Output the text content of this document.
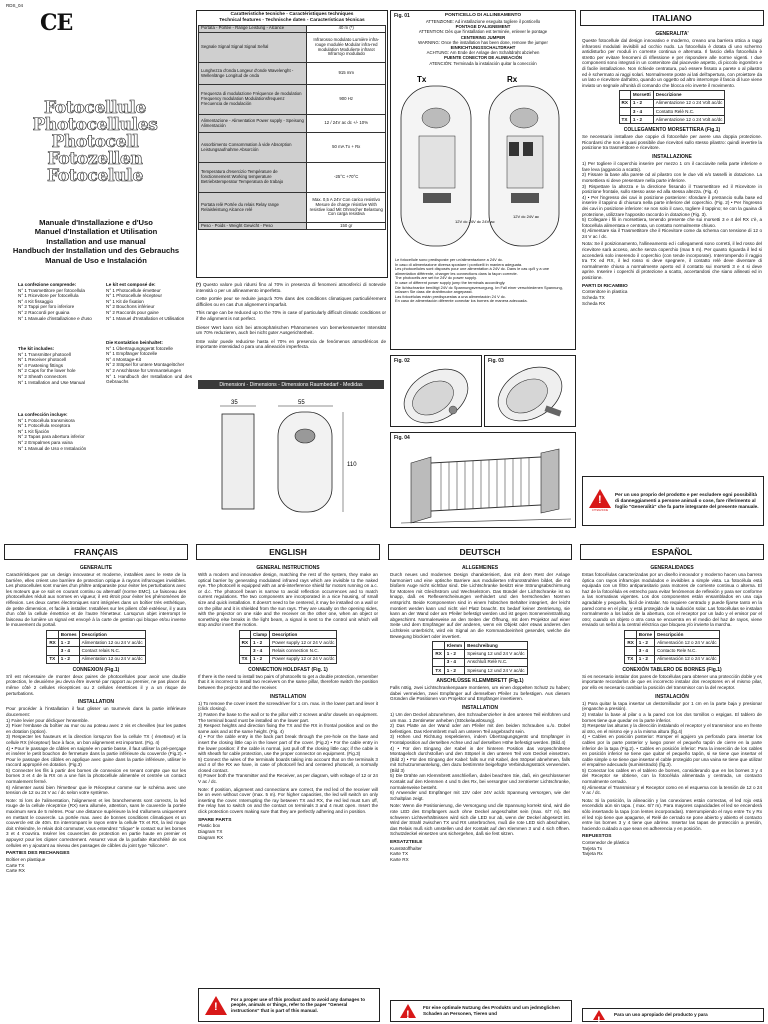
RDS_04
CE
Fotocellule
Photocellules
Photocell
Fotozellen
Fotocelule
Manuale d'Installazione e d'Uso
Manuel d'Installation et Utilisation
Installation and use manual
Handbuch der Installation und des Gebrauchs
Manual de Uso e Instalación
La confezione comprende:
N° 1 Trasmettitore per fotocellula
N° 1 Ricevitore per fotocellula
N° 4 Kit fissaggio
N° 2 Tappi per foro inferiore
N° 2 Raccordi per guaina
N° 1 Manuale d'installazione e d'uso
Le kit est composé de:
N° 1 Photocellule émetteur
N° 1 Photocellule récepteur
N° 1 Kit de fixation
N° 2 Bouchons inférieur
N° 2 Raccords pour gaine
N° 1 Manuel d'Installation et Utilisation
The kit includes:
N° 1 Transmitter photocell
N° 1 Receiver photocell
N° 4 Fastening fittings
N° 2 Caps for the lower hole
N° 2 Sheath connectors
N° 1 Installation and Use Manual
Die Kontaktion beinhaltet:
N° 1 Übertragungsgerät fotozelle
N° 1 Empfänger fotozelle
N° 4 Montage-Kit
N° 2 Stöpsel für untere Montagelöcher
N° 2 Anschlüsse für Ummantelungen
N° 1 Handbuch der Installation und des Gebrauchs
La confección incluye:
N° 1 Fotocélula transmisora
N° 1 Fotocélula receptora
N° 1 Kit fijación
N° 2 Tapas para abertura inferior
N° 2 Empalmes para vaina
N° 1 Manual de Uso e Instalación
Caratteristiche tecniche - Caractéristiques techniques
Technical features - Technische daten - Características técnicas
Portata - Portée - Range Leistung - Alcance	40 m (*)
Segnale Signal Signal Signal Señal	Infrarosso modulato Lumière infra-rouge modulée Modular infra-red modulation Modulierte infrarot Infrarrojo modulado
Lunghezza d'onda Longeur d'onde Wavelenght - Wellenlänge Longitud de onda	915 mm
Frequenza di modulazione Fréquence de modulation Frequency modulation Modulationsfrequenz Frecuencia de modulación	900 Hz
Alimentazione - Alimentation Power supply - Speisung Alimentación	12 / 24V ac dc +/- 10%
Assorbimento Consommation à vide Absorption Leistungsaufnahme Absorción	50 mA Tx + Rx
Temperatura d'esercizio Température de fonctionnement Working temperature Betriebstemperatur Temperatura de trabajo	-25°C +70°C
Portata relè Portée du relais Relay range Relaisleistung Alcance relé	Max. 0,5 A 24V Con carico resistivo Mesure de charge résistive With resistive load Mit Ohmscher Belastung Con carga resistiva
Peso - Poids - Weight Gewicht - Peso	150 gr
(*) Questo valore può ridursi fino al 70% in presenza di fenomeni atmosferici di notevole intensità o per un allineamento imperfetto.
Cette portée peur se reduire jusqu'à 70% dans des conditions climatiques particulièrement difficiles ou en cas d'un alignement imparfait.
This range can be reduced up to the 70% in case of particularly difficult climatic conditions or if the alignment is not perfect.
Dieser Wert kann sich bei atmosphärischen Phänomenen von bemerkenswerter Intensität um 70% reduzieren, auch bei nicht guter Ausgerichtetheit.
Este valor puede reducirse hasta el 70% en presencia de fenómenos atmosféricos de importante intensidad o para una alineación imperfecta.
Dimensioni - Dimensions - Dimensions Raumbedarf - Medidas
35	55
110
Fig. 01	PONTICELLO DI ALLINEAMENTO
ATTENZIONE: Ad installazione eseguita togliere il ponticello
PONTAGE D'ALIGNEMENT
ATTENTION: Dès que l'installation est terminée, enlever le pontage
CENTERING JUMPER
WARNING: Once the installation has been done, remove the jumper
EINRICHTUNGSSCHALTDRAHT
ACHTUNG: Am Ende der Anlage den Schaltdraht abziehen
PUENTE CONECTOR DE ALINEACIÓN
ATENCIÓN: Terminada la instalación quitar la conección
Tx	Rx
12V dc 24V dc 24V ac
12V dc 24V ac
Le fotocellule sono predisposte per un'alimentazione a 24V dc.
In caso di alimentazione diversa spostare i ponticelli in maniera adeguata.
Les photocellules sont disposés pour une alimentation à 24V dc. Dans le cas qu'il y a une alimentation différente, changer les connections dans la façon correcte.
The photocells are set for 24V dc power supply.
In case of different power supply jump the terminals accordingly.
Die lichtschranke benötigt 24V dc Spannungsversorgung. Im Fall einer verschiedenen Spannung, müssen Sie dass die drahtbrucke angepasst.
Las fotocélulas están predispuestas a una alimentación 24 V dc.
En caso de alimentación diferente conectar los bornes de manera adecuada.
Fig. 02	Fig. 03
Fig. 04
ITALIANO
GENERALITA'
Queste fotocellule dal design innovativo e moderno, creano una barriera ottica a raggi infrarossi modulati invisibili ad occhio nudo. La fotocellula è dotata di uno schermo antidisturbo per moduli in corrente continua e alternata. Il fascio della fotocellula è stretto per evitare fenomeni di riflessione e per rispondere alle norme vigenti. I due componenti sono integrati in un contenitore dal piacevole aspetto, di piccolo ingombro e di facile installazione. Non richiede centratura, può essere fissato a parete o al pilastro ed è schermato ai raggi solari. Normalmente poste ai lati dell'apertura, con proiettore da un lato e ricevitore dall'altro, quando un oggetto od altro interrompe il fascio di luce viene inviato un segnale all'unità di comando che blocca e/o inverte il movimento.
	Morsetti	Descrizione
RX	1 - 2	Alimentazione 12 o 24 Volt ac/dc
	3 - 4	Contatto Relè N.C.
TX	1 - 2	Alimentazione 12 o 24 Volt ac/dc
COLLEGAMENTO MORSETTIERA (Fig.1)
Se necessario installare due coppie di fotocellule per avere una doppia protezione. Ricordarsi che non è quasi possibile due ricevitori sullo stesso pilastro: quindi invertire la posizione tra trasmettitore e ricevitore.
INSTALLAZIONE
1) Per togliere il coperchio inserire per mezzo 1 cm il cacciavite nella parte inferiore e fare leva (aggancio a scatto).
2) Fissare la base alla parete od al pilastro con le due viti e/o tasselli in dotazione. La morsettiera si deve presentare nella parte inferiore.
3) Rispettare la altezza e la direzione fissando il Trasmettitore ed il Ricevitore in posizione frontale, sullo stesso asse ed alla stessa altezza. (Fig. 4)
4) • Per l'ingresso dei cavi in posizione posteriore: sfondare il pretrancio sulla base ed inserire il tappino di chiusura nella parte inferiore del coperchio. (Fig. 2) • Per l'ingresso dei cavi in posizione inferiore: se non solo il cavo, togliere il tappino; se con la guaina di protezione, utilizzare l'apposito raccordo in dotazione (Fig. 3).
5) Collegare i fili in morsettiera, tenendo presente che sui morsetti 3 e 4 del RX c'è, a fotocellula alimentata e centrata, un contatto normalmente chiuso.
6) Alimentare sia il Trasmettitore che il Ricevitore come da schema con tensione di 12 o 24 V ac / dc.
Nota: Se il posizionamento, l'allineamento ed i collegamenti sono corretti, il led rosso del ricevitore sarà acceso, anche senza coperchio (max 5 m). Per quanto riguarda il led si accenderà solo inserendo il coperchio (con tende incorporate). Interrompendo il raggio tra TX ed RX, il led rosso si deve spegnere, il contatto relè deve diventare di normalmente chiuso a normalmente aperto ed il contatto sui morsetti 3 e 4 si deve aprire. Inserire i coperchi di protezione a scatto, accertandosi che siano allineati ed in posizione.
PARTI DI RICAMBIO
Contenitore in plastica
Scheda TX
Scheda RX
!
ATTENZIONE
Per un uso proprio del prodotto e per escludere ogni possibilità di danneggiamenti a persone animali o cose, fare riferimento al foglio "Generalità" che fa parte integrante del presente manuale.
FRANÇAIS
GENERALITE
Caractéristiques par un design innovateur et moderne, installées avec le reste de la barrière, elles créent une barrière de protection optique à rayons infrarouges invisibles. Les photocellules sont munies d'un philtre antiparasite pour éviter les perturbations avec les moteurs que ce soit en courant continu ou alternatif (norme EMC). Le faisceau des photocellules réduit aux normes en vigueur, il est étroit pour éviter les phénomènes de réflexion. Les deux cartes électroniques sont intégrées dans un boîtier très esthétique, de petite dimension, et facile à installer. Installées sur les piliers côté extérieur, il y aura d'un côté la cellule émettrice et de l'autre l'émetteur. Lorsqu'un objet interrompt le faisceau de lumière un signal est envoyé à la carte de gestion qui bloque et/ou inverse le mouvement du portail.
	Bornes	Description
RX	1 - 2	Alimentation 12 ou 24 V ac/dc
	3 - 4	Contact relais N.C.
TX	1 - 2	Alimentation 12 ou 24 V ac/dc
CONNEXION (Fig.1)
S'il est nécessaire de monter deux paires de photocellules pour avoir une double protection, le deuxième jeu devra être inversé par rapport au premier, ne pas placer du même côté 2 cellules réceptrices ou 2 cellules émettrices il y a un risque de perturbations.
INSTALLATION
Pour procéder à l'installation il faut glisser un tournevis dans la partie inférieure doucement:
1) Faire levier pour décliquer l'ensemble.
2) Fixer l'embase du boîtier au mur ou au poteau avec 2 vis et chevilles (sur les pattes en dotation (option).
3) Respecter les hauteurs et la direction lorsqu'on fixe la cellule TX ( émetteur) et la cellule RX (récepteur) face à face, un bon alignement est important. (Fig. 4)
4) • Pour le passage de câbles en saignée en partie basse, il faut utiliser la pré-perçage et insérer le petit bouchon de fermeture dans la partie inférieure du couvercle (Fig.2). • Pour le passage des câbles en applique avec gaine dans la partie inférieure, utiliser le raccord approprié en dotation. (Fig.3)
5) Connecter les fils à partir des bornes de connexion en tenant compte que sur les bornes 3 et 4 de la RX on a une fois la photocellule alimentée et centrée un contact normalement fermé.
6) Alimenter aussi bien l'émetteur que le Récepteur comme sur le schéma avec une tension de 12 ou 24 V ac / dc selon votre système.
Note: Si lors de l'alimentation, l'alignement et les branchements sont corrects, la led rouge de la cellule réceptrice (RX) sera allumée, attention, sans le couvercle la portée maximum sera de 5 mètres. Pour une distance supérieure la led s'allumera uniquement en mettant le couvercle. La portée max. avec de bonnes conditions climatiques et un couvercle est de 40m. En interrompant le rayon entre la cellule TX et RX, la led rouge doit s'éteindre, le relais doit commuter, vous entendrez "clique" le contact sur les bornes 3 et 4 s'ouvrira. Insérer les couvercles de protection en partie haute en premier et appuyez pour les clipser correctement. Assurez vous de la parfaite étanchéité de vos cellules en y ajoutant au niveau des passages de câbles du joint type "silicone".
PARTIES DES RECHANGES
Boîtier en plastique
Carte TX
Carte RX
ENGLISH
GENERAL INSTRUCTIONS
With a modern and innovative design, matching the rest of the system, they make an optical barrier by generating modulated infrared rays which are invisible to the naked eye. The photocell is equipped with an anti-interference shield for motors running on a.c. or d.c. The photocell beam is narrow to avoid reflection occurrences and to match current regulations. The two components are incorporated in a nice housing, of small size and quick installation. It doesn't need to be centered, it may be installed on a wall or on the pillar and it is shielded from the sun rays. They are usually on the opening sides, with the projector on one side and the receiver on the other one, when an object or something else breaks in the light beam, a signal is sent to the control unit which will stop and/or invert the motion.
	Clamp	Description
RX	1 - 2	Power supply 12 or 24 V ac/dc
	3 - 4	Relais connection N.C.
TX	1 - 2	Power supply 12 or 24 V ac/dc
CONNECTION HOLDFAST (Fig. 1)
If there is the need to install two pairs of photocells to get a double protection, remember that it is incorrect to install two receivers on the same pillar, therefore switch the position between the projector and the receiver.
INSTALLATION
1) To remove the cover insert the screwdriver for 1 cm. max. in the lower part and lever it (click closing).
2) Fasten the base to the wall or to the pillar with 2 screws and/or dowels on equipment. The terminal board must be installed on the lower part.
3) Respect heights and direction fixing the TX and the RX in frontal position and on the same axis and at the same height. (Fig. 4)
4) • For the cable entry in the back part break through the pre-hole on the base and insert the closing little cap in the lower part of the cover. (Fig.2) • For the cable entry in the lower position: if the cable is normal, just pull off the closing little cap; if the cable is with sheath for cable protection, use the proper connector on equipment. (Fig.3)
5) Connect the wires of the terminals boards taking into account that on the terminals 3 and 4 of the RX we have, in case of photocell fed and centered photocell, a normally closed contact.
6) Power both the Transmitter and the Receiver, as per diagram, with voltage of 12 or 24 V ac / dc.
Note: If position, alignment and connections are correct, the red led of the receiver will be on even without cover (max. 5 m). For higher capacities, the led will switch on only inserting the cover. Interrupting the ray between TX and RX, the red led must turn off, the relay has to switch on and the contact on terminals 3 and 4 must open. Insert the click protection covers making sure that they are perfectly adhering and in position.
SPARE PARTS
Plastic box
Diagram TX
Diagram RX
!
For a proper use of this product and to avoid any damages to people, animals or things, refer to the paper "General instructions" that is part of this manual.
DEUTSCH
ALLGEMEINES
Durch neues und modernes Design charakterisiert, das mit dem Rest der Anlage harmoniert und eine optische Barriere aus modulierten Infrarotstrahlen bildet, die mit bloßem Auge nicht sichtbar sind. Die Lichtschranke besitzt eine Störungsabschirmung für Motoren mit Gleichstrom und Wechselstrom. Das Bündel der Lichtschranke ist so knapp, daß es Reflexerscheinungen verhindert und den herrschenden Normen entspricht. Beide Komponenten sind in einem hübschen Behälter integriert, der leicht montiert werden kann und nicht viel Platz braucht. Es bedarf keiner Zentrierung, sie kann an der Wand oder am Pfeiler befestigt werden und ist gegen Sonneneinstrahlung abgeschirmt. Normalerweise an den Seiten der Öffnung, mit dem Projektor auf einer Seite und dem Empfänger auf der anderen, wenn ein Objekt oder etwas anderes den Lichtkreis unterbricht, wird ein Signal an die Kommandoeinheit gesendet, welche die Bewegung blockiert oder invertiert.
	Klemm	Beschreibung
RX	1 - 2	Speisung 12 und 24 V ac/dc
	3 - 4	Anschluß Relè N.C.
TX	1 - 2	Speisung 12 und 24 V ac/dc
ANSCHLÜSSE KLEMMBRETT (Fig.1)
Falls nötig, zwei Lichtschrankenpaare montieren, um einen doppelten Schutz zu haben; dabei vermeiden, zwei Empfänger auf demselben Pfeiler zu befestigen. Aus diesem Gründen die Positionen von Projektor und Empfänger invertieren.
INSTALLATION
1) Um den Deckel abzunehmen, den Schraubenzieher in den unteren Teil einführen und um max. 1 Zentimeter anheben (Stöckelauslösung).
2) Das Platte an der Wand oder am Pfeiler mit den beiden Schrauben u./o. Dübel befestigen. Das Klemmbrett muß am unteren Teil angebracht sein.
3) Höhen und Richtung respektieren, indem Übertragungsgerät und Empfänger in Frontalposition auf derselben Achse und auf derselben Höhe befestigt werden. (Bild.4)
4) • Für den Eingang der Kabel in der hinteren Position das vorgeschnittene Montageloch durchstoßen und den Stöpsel in den unteren Teil vom Deckel einsetzen. (Bild 2) • Für den Eingang der Kabel: falls nur mit Kabel, den Stöpsel abnehmen, falls mit Schutzummantelung, den dazu bestimmte beigefügte Verbindungsstück verwenden. (Bild 3)
5) Die Drähte am Klemmbrett anschließen, dabei beachten Sie, daß, ein geschlossener Kontakt auf den Klemmen 4 und 5 des Rx, bei versorgter und zentrierter Lichtschranke, normalerweise besteht.
6) Anwender und Empfänger mit 12V oder 24V ac/dc Spannung versorgen, wie der Schaltplan zeigt.
Note: Wenn die Positionierung, die Versorgung und die Spannung korrekt sind, wird die rote LED des Empfängers auch ohne Deckel angeschaltet sein (max. 6/7 m). Bei schweren Lichtverhältnissen wird sich die LED nur ab, wenn der Deckel abgesetzt ist. Wird der Strahl zwischen TX und RX unterbrochen, muß die rote LED sich abschalten, das Relais muß sich umstellen und der Kontakt auf den Klemmen 3 und 4 sich öffnen. Schutzdeckel einsetzen uns sichergehen, daß sie fest sitzen.
ERSATZTEILE
Kunststoffhalter
Karte TX
Karte RX
!
Für eine optimale Nutzung des Produkts und um jedmöglichen Schaden an Personen, Tieren und
ESPAÑOL
GENERALIDADES
Estas fotocélulas caracterizadas por un diseño innovador y moderno hacen una barrera óptica con rayos infrarrojos modulados e invisibles a simple vista. La fotocélula está equipada con un filtro antiparasitario para motores de corriente continua o alterna. El haz de la fotocélula es estrecho para evitar fenómenos de reflexión y para ser conforme a las normativas vigentes. Los dos componentes están ensamblados en una caja agradable y pequeña, fácil de instalar. No requiere centrado y puede fijarse tanto en la pared como en el pilar, y está protegido de la radiación solar. Las fotocélulas se instalan normalmente a los lados de la abertura, con el receptor por un lado y el emisor por el otro; cuando un objeto o otra cosa se encuentra en el medio del haz de rayos, viene enviado un señal a la central eléctrica que bloquea y/o invierte la marcha.
	Borne	Descripción
RX	1 - 2	Alimentación 12 o 24 V ac/dc
	3 - 4	Contacto Rele N.C.
TX	1 - 2	Alimentación 12 o 24 V ac/dc
CONEXIÓN TABLERO DE BORNES (Fig.1)
Si es necesario instalar dos pares de fotocélulas para obtener una protección doble y es importante recordarlos de que es incorrecto instalar dos receptores en el mismo pilar, por ello es necesario cambiar la posición del transmisor con la del receptor.
INSTALACIÓN
1) Para quitar la tapa insertar un destornillador por 1 cm en la parte baja y presionar (enganche a presión).
2) Instalar la base al pilar o a la pared con los dos tornillos o espigas. El tablero de bornes tiene que quedar en la parte inferior.
3) Respetar las alturas y la dirección instalando el receptor y el transmisor uno en frente al otro, en el mismo eje y a la misma altura (fig.4)
4) • Cables en posición posterior: Romper el agujero ya perforado para insertar los cables por la parte posterior y luego poner el pequeño tapón de cierre en la parte inferior de la tapa (Fig.2). • Cables en posición inferior: Para la inserción de los cables en posición inferior se tiene que quitar el pequeño tapón, si se tiene que insertar el cable simple o se tiene que insertar el cable protegido por una vaina se tiene que utilizar el empalme adecuado (suministrado) (fig.3).
5) Conectar los cables en el tablero de bornes, considerando que en los bornes 3 y 4 del Receptor se obtiene, con la fotocélula alimentada y centrada, un contacto normalmente cerrado.
6) Alimentar el Transmisor y el Receptor como en el esquema con la tensión de 12 o 24 V ac / dc.
Nota: Si la posición, la alineación y las conexiones están correctas, el led rojo está encendido aún sin tapa. ( max. 6/7 m). Para mayores capacidades el led se encenderá sólo insertando la tapa (con lentes incorporadas). Interrumpiendo el rayo entre Tx y Rx el led rojo tiene que apagarse, el Relé de cerrado se pone abierto y abierto el contacto entre los bornes 3 y 4 tiene que abrirse. Insertar las tapas de protección a presión, haciendo cuidado a que sean en adherencia y en posición.
REPUESTOS
Contenedor de plástico
Tarjeta Tx
Tarjeta Rx
!
Para un uso apropiado del producto y para
